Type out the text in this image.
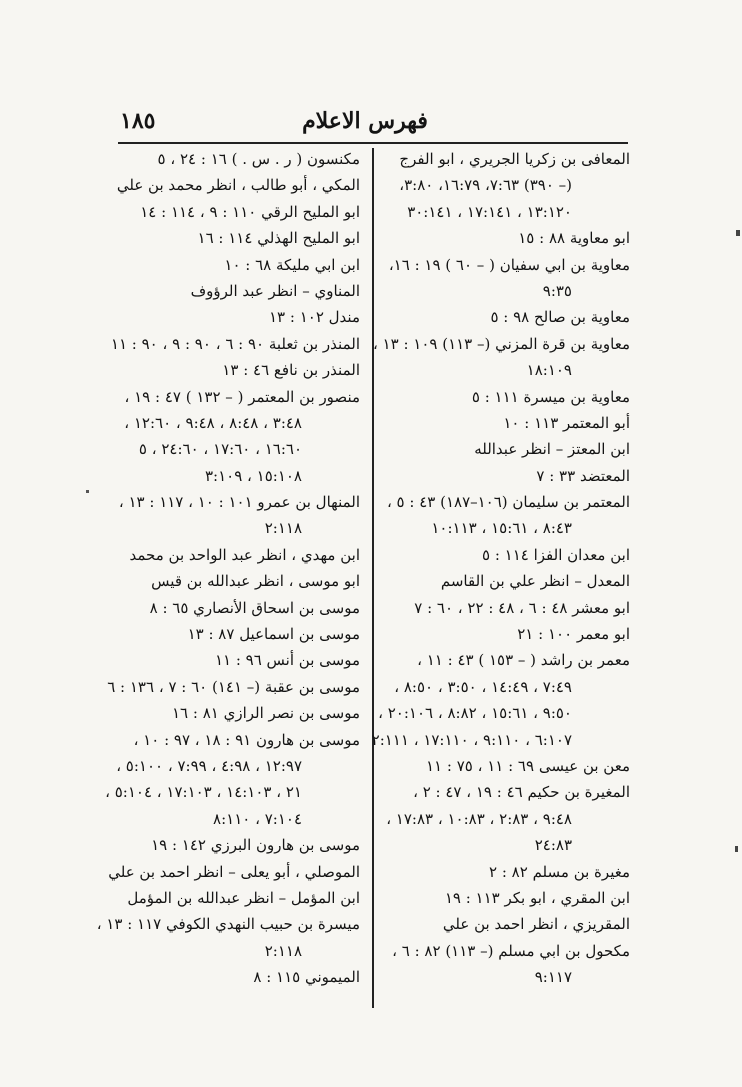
فهرس الاعلام
١٨٥
المعافى بن زكريا الجريري ، ابو الفرج
(– ٣٩٠) ٧:٦٣، ١٦:٧٩، ٣:٨٠،
١٣:١٢٠ ، ١٧:١٤١ ، ٣٠:١٤١
ابو معاوية ٨٨ : ١٥
معاوية بن ابي سفيان ( – ٦٠ ) ١٩ : ١٦،
٩:٣٥
معاوية بن صالح ٩٨ : ٥
معاوية بن قرة المزني (– ١١٣) ١٠٩ : ١٣ ،
١٨:١٠٩
معاوية بن ميسرة ١١١ : ٥
أبو المعتمر ١١٣ : ١٠
ابن المعتز – انظر عبدالله
المعتضد ٣٣ : ٧
المعتمر بن سليمان (١٠٦–١٨٧) ٤٣ : ٥ ،
٨:٤٣ ، ١٥:٦١ ، ١٠:١١٣
ابن معدان الفزا ١١٤ : ٥
المعدل – انظر علي بن القاسم
ابو معشر ٤٨ : ٦ ، ٤٨ : ٢٢ ، ٦٠ : ٧
ابو معمر ١٠٠ : ٢١
معمر بن راشد ( – ١٥٣ ) ٤٣ : ١١ ،
٧:٤٩ ، ١٤:٤٩ ، ٣:٥٠ ، ٨:٥٠ ،
٩:٥٠ ، ١٥:٦١ ، ٨:٨٢ ، ٢٠:١٠٦ ،
٦:١٠٧ ، ٩:١١٠ ، ١٧:١١٠ ، ٢:١١١
معن بن عيسى ٦٩ : ١١ ، ٧٥ : ١١
المغيرة بن حكيم ٤٦ : ١٩ ، ٤٧ : ٢ ،
٩:٤٨ ، ٢:٨٣ ، ١٠:٨٣ ، ١٧:٨٣ ،
٢٤:٨٣
مغيرة بن مسلم ٨٢ : ٢
ابن المقري ، ابو بكر ١١٣ : ١٩
المقريزي ، انظر احمد بن علي
مكحول بن ابي مسلم (– ١١٣) ٨٢ : ٦ ،
٩:١١٧
مكنسون ( ر . س . ) ١٦ : ٢٤ ، ٥
المكي ، أبو طالب ، انظر محمد بن علي
ابو المليح الرقي ١١٠ : ٩ ، ١١٤ : ١٤
ابو المليح الهذلي ١١٤ : ١٦
ابن ابي مليكة ٦٨ : ١٠
المناوي – انظر عبد الرؤوف
مندل ١٠٢ : ١٣
المنذر بن ثعلبة ٩٠ : ٦ ، ٩٠ : ٩ ، ٩٠ : ١١
المنذر بن نافع ٤٦ : ١٣
منصور بن المعتمر ( – ١٣٢ ) ٤٧ : ١٩ ،
٣:٤٨ ، ٨:٤٨ ، ٩:٤٨ ، ١٢:٦٠ ،
١٦:٦٠ ، ١٧:٦٠ ، ٢٤:٦٠ ، ٥
١٥:١٠٨ ، ٣:١٠٩
المنهال بن عمرو ١٠١ : ١٠ ، ١١٧ : ١٣ ،
٢:١١٨
ابن مهدي ، انظر عبد الواحد بن محمد
ابو موسى ، انظر عبدالله بن قيس
موسى بن اسحاق الأنصاري ٦٥ : ٨
موسى بن اسماعيل ٨٧ : ١٣
موسى بن أنس ٩٦ : ١١
موسى بن عقبة (– ١٤١) ٦٠ : ٧ ، ١٣٦ : ٦
موسى بن نصر الرازي ٨١ : ١٦
موسى بن هارون ٩١ : ١٨ ، ٩٧ : ١٠ ،
١٢:٩٧ ، ٤:٩٨ ، ٧:٩٩ ، ٥:١٠٠ ،
٢١ ، ١٤:١٠٣ ، ١٧:١٠٣ ، ٥:١٠٤ ،
٧:١٠٤ ، ٨:١١٠
موسى بن هارون البرزي ١٤٢ : ١٩
الموصلي ، أبو يعلى – انظر احمد بن علي
ابن المؤمل – انظر عبدالله بن المؤمل
ميسرة بن حبيب النهدي الكوفي ١١٧ : ١٣ ،
٢:١١٨
الميموني ١١٥ : ٨
